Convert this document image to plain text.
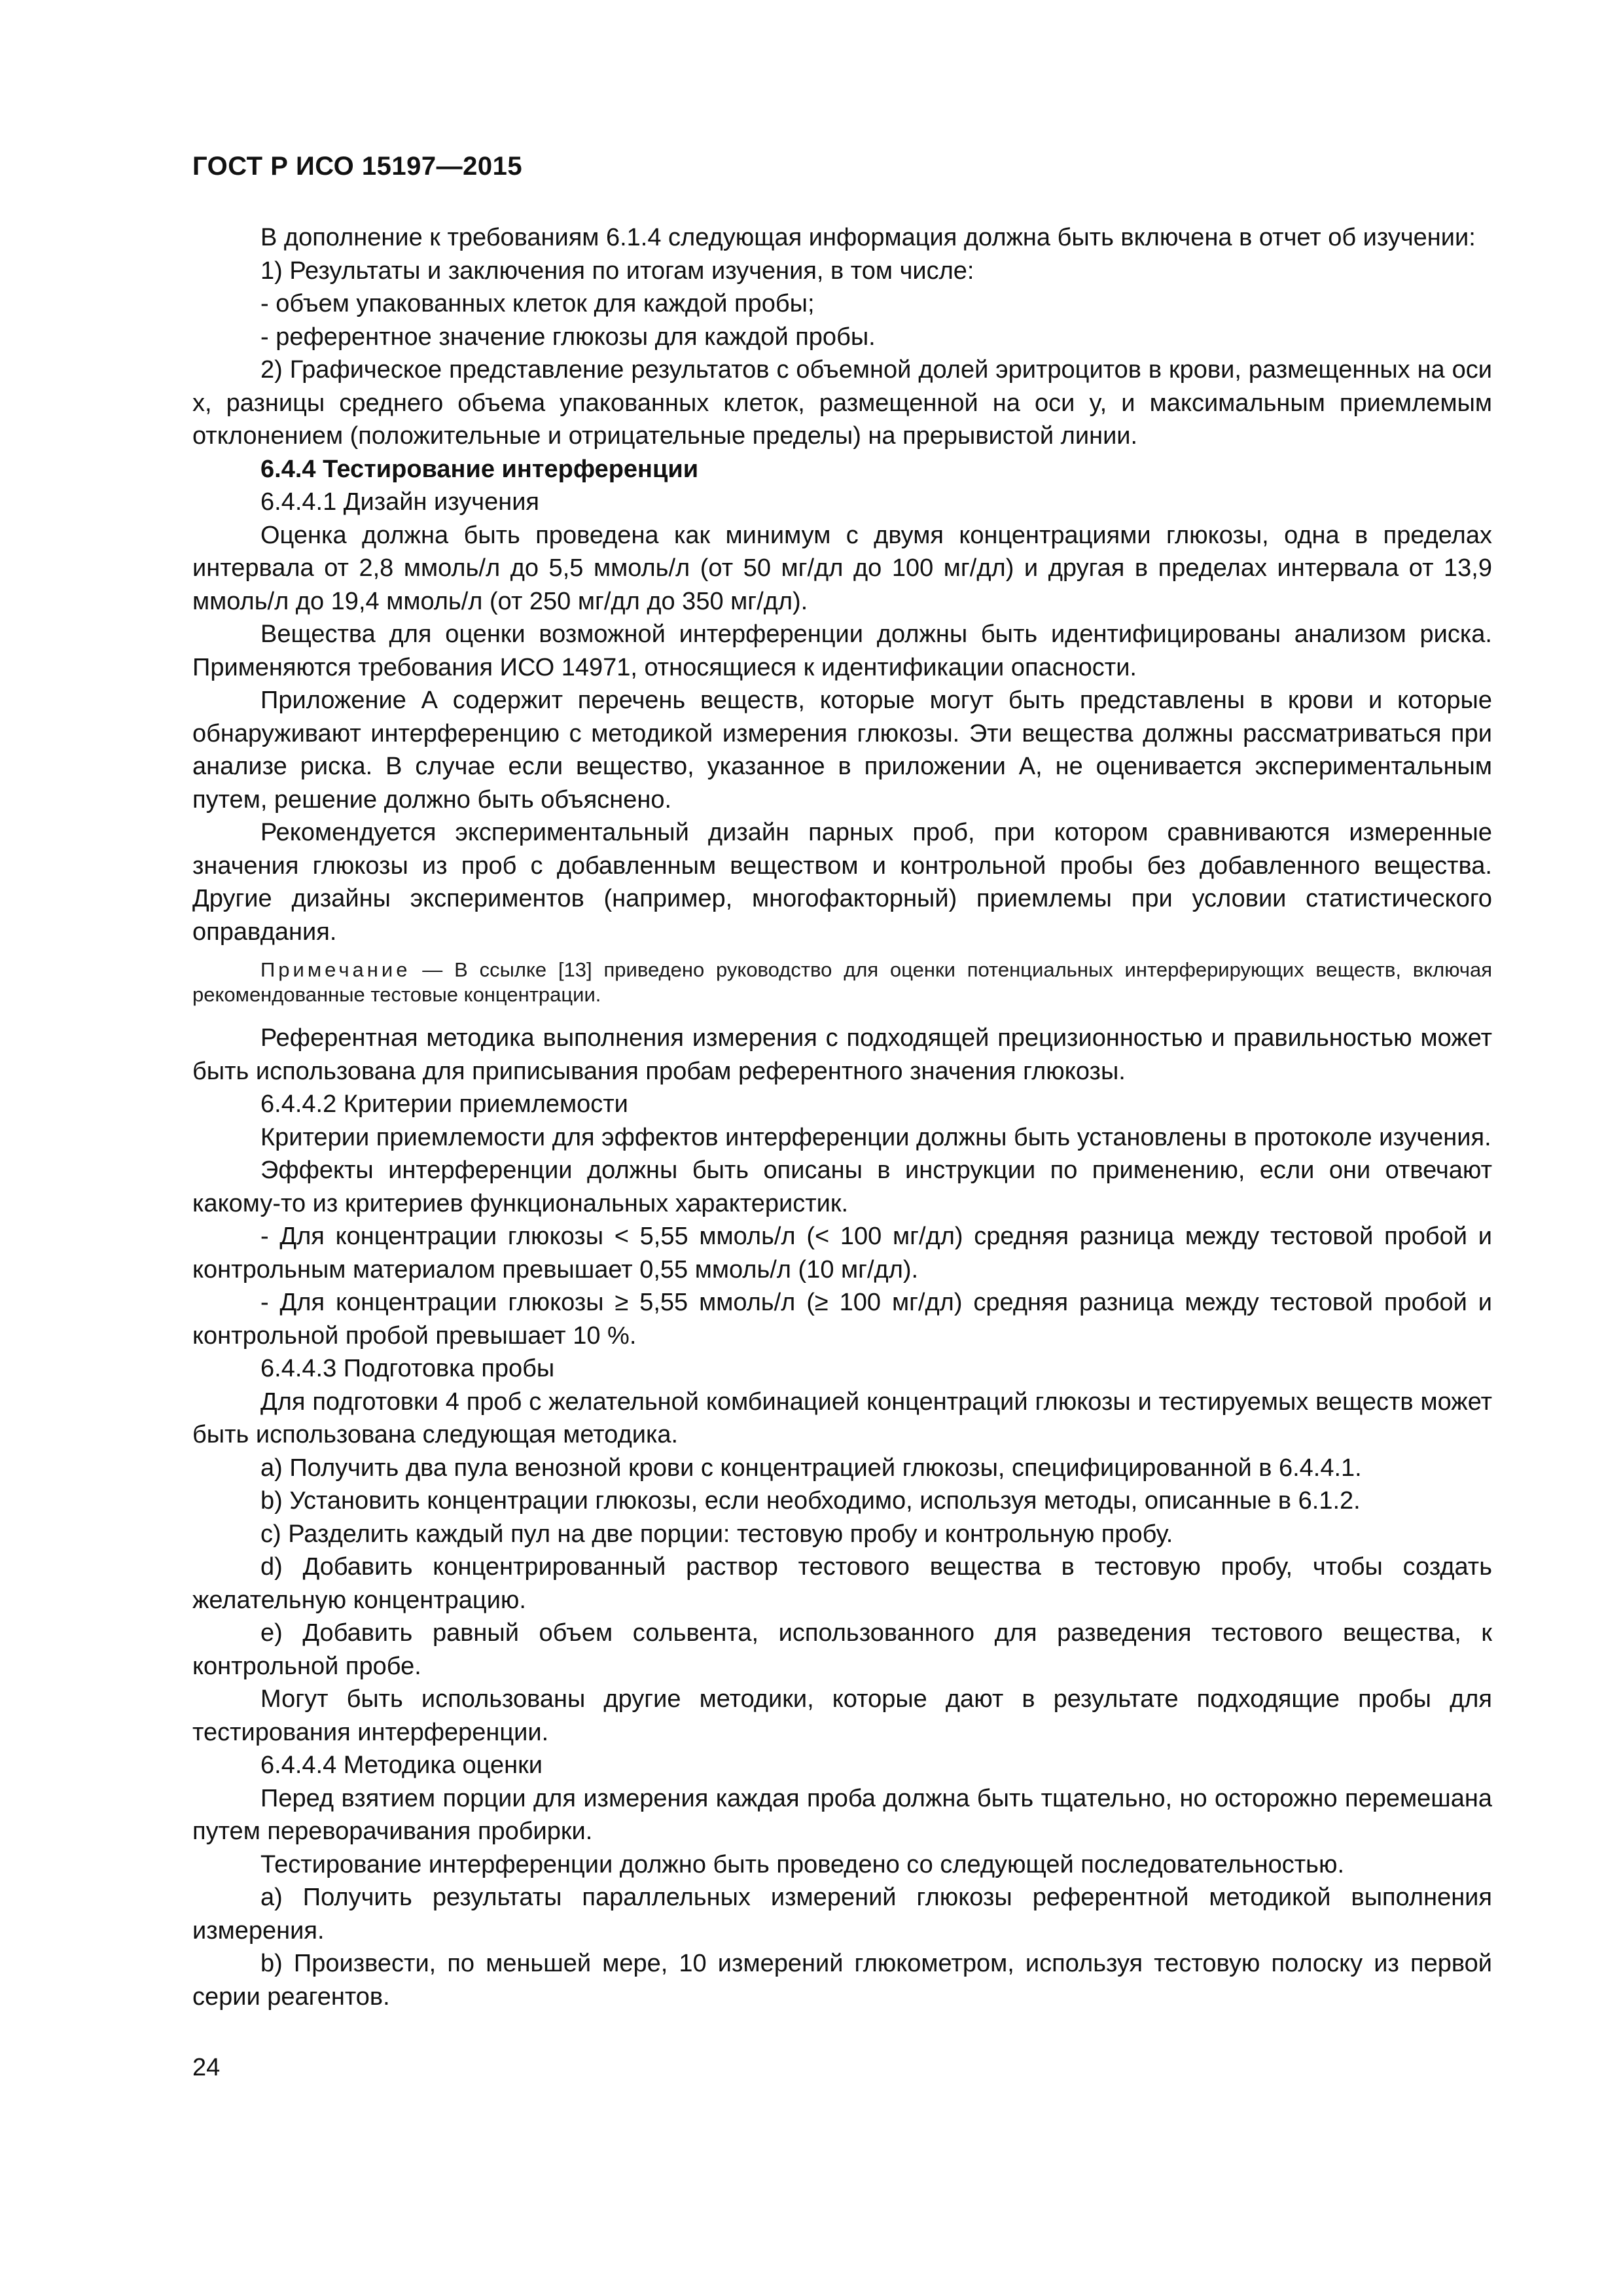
ГОСТ Р ИСО 15197—2015

В дополнение к требованиям 6.1.4 следующая информация должна быть включена в отчет об изучении:

1) Результаты и заключения по итогам изучения, в том числе:

- объем упакованных клеток для каждой пробы;

- референтное значение глюкозы для каждой пробы.

2) Графическое представление результатов с объемной долей эритроцитов в крови, размещенных на оси x, разницы среднего объема упакованных клеток, размещенной на оси y, и максимальным приемлемым отклонением (положительные и отрицательные пределы) на прерывистой линии.

6.4.4 Тестирование интерференции

6.4.4.1 Дизайн изучения

Оценка должна быть проведена как минимум с двумя концентрациями глюкозы, одна в пределах интервала от 2,8 ммоль/л до 5,5 ммоль/л (от 50 мг/дл до 100 мг/дл) и другая в пределах интервала от 13,9 ммоль/л до 19,4 ммоль/л (от 250 мг/дл до 350 мг/дл).

Вещества для оценки возможной интерференции должны быть идентифицированы анализом риска. Применяются требования ИСО 14971, относящиеся к идентификации опасности.

Приложение А содержит перечень веществ, которые могут быть представлены в крови и которые обнаруживают интерференцию с методикой измерения глюкозы. Эти вещества должны рассматриваться при анализе риска. В случае если вещество, указанное в приложении А, не оценивается экспериментальным путем, решение должно быть объяснено.

Рекомендуется экспериментальный дизайн парных проб, при котором сравниваются измеренные значения глюкозы из проб с добавленным веществом и контрольной пробы без добавленного вещества. Другие дизайны экспериментов (например, многофакторный) приемлемы при условии статистического оправдания.

Примечание — В ссылке [13] приведено руководство для оценки потенциальных интерферирующих веществ, включая рекомендованные тестовые концентрации.

Референтная методика выполнения измерения с подходящей прецизионностью и правильностью может быть использована для приписывания пробам референтного значения глюкозы.

6.4.4.2 Критерии приемлемости

Критерии приемлемости для эффектов интерференции должны быть установлены в протоколе изучения.

Эффекты интерференции должны быть описаны в инструкции по применению, если они отвечают какому-то из критериев функциональных характеристик.

- Для концентрации глюкозы < 5,55 ммоль/л (< 100 мг/дл) средняя разница между тестовой пробой и контрольным материалом превышает 0,55 ммоль/л (10 мг/дл).

- Для концентрации глюкозы ≥ 5,55 ммоль/л (≥ 100 мг/дл) средняя разница между тестовой пробой и контрольной пробой превышает 10 %.

6.4.4.3 Подготовка пробы

Для подготовки 4 проб с желательной комбинацией концентраций глюкозы и тестируемых веществ может быть использована следующая методика.

a) Получить два пула венозной крови с концентрацией глюкозы, специфицированной в 6.4.4.1.

b) Установить концентрации глюкозы, если необходимо, используя методы, описанные в 6.1.2.

c) Разделить каждый пул на две порции: тестовую пробу и контрольную пробу.

d) Добавить концентрированный раствор тестового вещества в тестовую пробу, чтобы создать желательную концентрацию.

e) Добавить равный объем сольвента, использованного для разведения тестового вещества, к контрольной пробе.

Могут быть использованы другие методики, которые дают в результате подходящие пробы для тестирования интерференции.

6.4.4.4 Методика оценки

Перед взятием порции для измерения каждая проба должна быть тщательно, но осторожно перемешана путем переворачивания пробирки.

Тестирование интерференции должно быть проведено со следующей последовательностью.

a) Получить результаты параллельных измерений глюкозы референтной методикой выполнения измерения.

b) Произвести, по меньшей мере, 10 измерений глюкометром, используя тестовую полоску из первой серии реагентов.

24
